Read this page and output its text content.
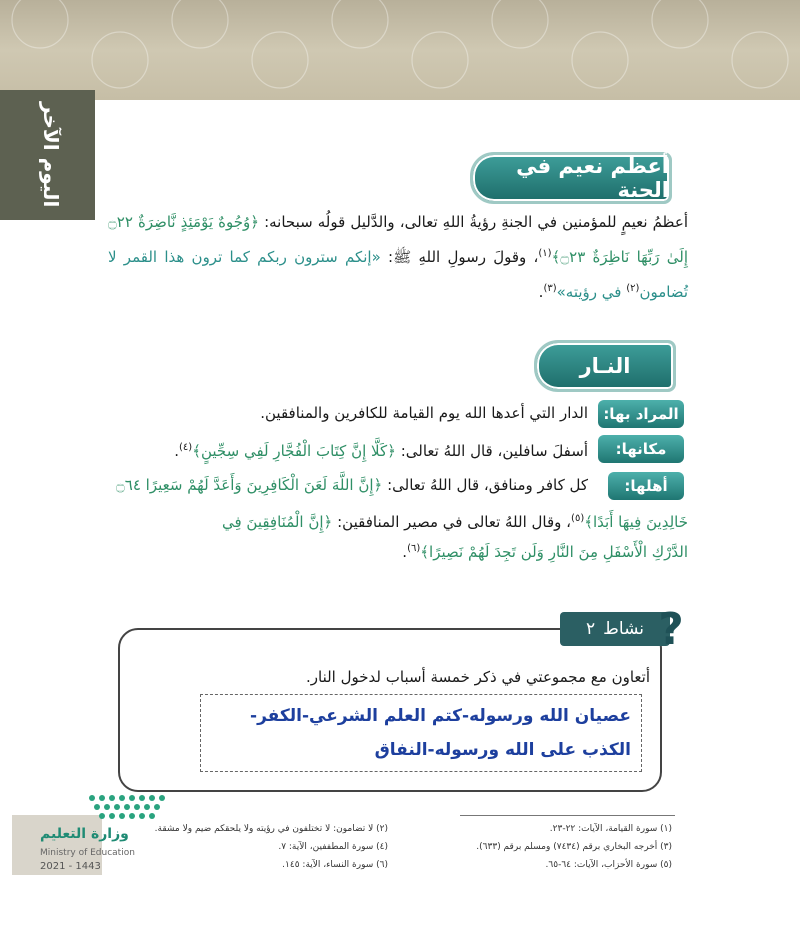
اليوم الآخر	أعظم نعيم في الجنة
أعظمُ نعيمٍ للمؤمنين في الجنةِ رؤيةُ اللهِ تعالى، والدَّليل قولُه سبحانه: ﴿وُجُوهٌ يَوْمَئِذٍ نَّاضِرَةٌ ۝٢٢ إِلَىٰ رَبِّهَا نَاظِرَةٌ ۝٢٣﴾$^{(١)}$، وقولَ رسولِ اللهِ ﷺ: «إنكم سترون ربكم كما ترون هذا القمر لا تُضامون$^{(٢)}$ في رؤيته»$^{(٣)}$.
النـار
المراد بها:
الدار التي أعدها الله يوم القيامة للكافرين والمنافقين.
مكانها:
أسفلَ سافلين، قال اللهُ تعالى: ﴿كَلَّا إِنَّ كِتَابَ الْفُجَّارِ لَفِي سِجِّينٍ﴾$^{(٤)}$.
أهلها:
كل كافر ومنافق، قال اللهُ تعالى: ﴿إِنَّ اللَّهَ لَعَنَ الْكَافِرِينَ وَأَعَدَّ لَهُمْ سَعِيرًا ۝٦٤
خَالِدِينَ فِيهَا أَبَدًا﴾$^{(٥)}$، وقال اللهُ تعالى في مصير المنافقين: ﴿إِنَّ الْمُنَافِقِينَ فِي
الدَّرْكِ الْأَسْفَلِ مِنَ النَّارِ وَلَن تَجِدَ لَهُمْ نَصِيرًا﴾$^{(٦)}$.
نشاط
٢ ?
أتعاون مع مجموعتي في ذكر خمسة أسباب لدخول النار.
عصيان الله ورسوله-كتم العلم الشرعي-الكفر-الكذب على الله ورسوله-النفاق
(١) سورة القيامة، الآيات: ٢٢-٢٣.
(٣) أخرجه البخاري برقم (٧٤٣٤) ومسلم برقم (٦٣٣).
(٥) سورة الأحزاب، الآيات: ٦٤-٦٥.
(٢) لا تضامون: لا تختلفون في رؤيته ولا يلحقكم ضيم ولا مشقة.
(٤) سورة المطففين، الآية: ٧.
(٦) سورة النساء، الآية: ١٤٥.
وزارة التعليم
Ministry of Education
2021 - 1443
